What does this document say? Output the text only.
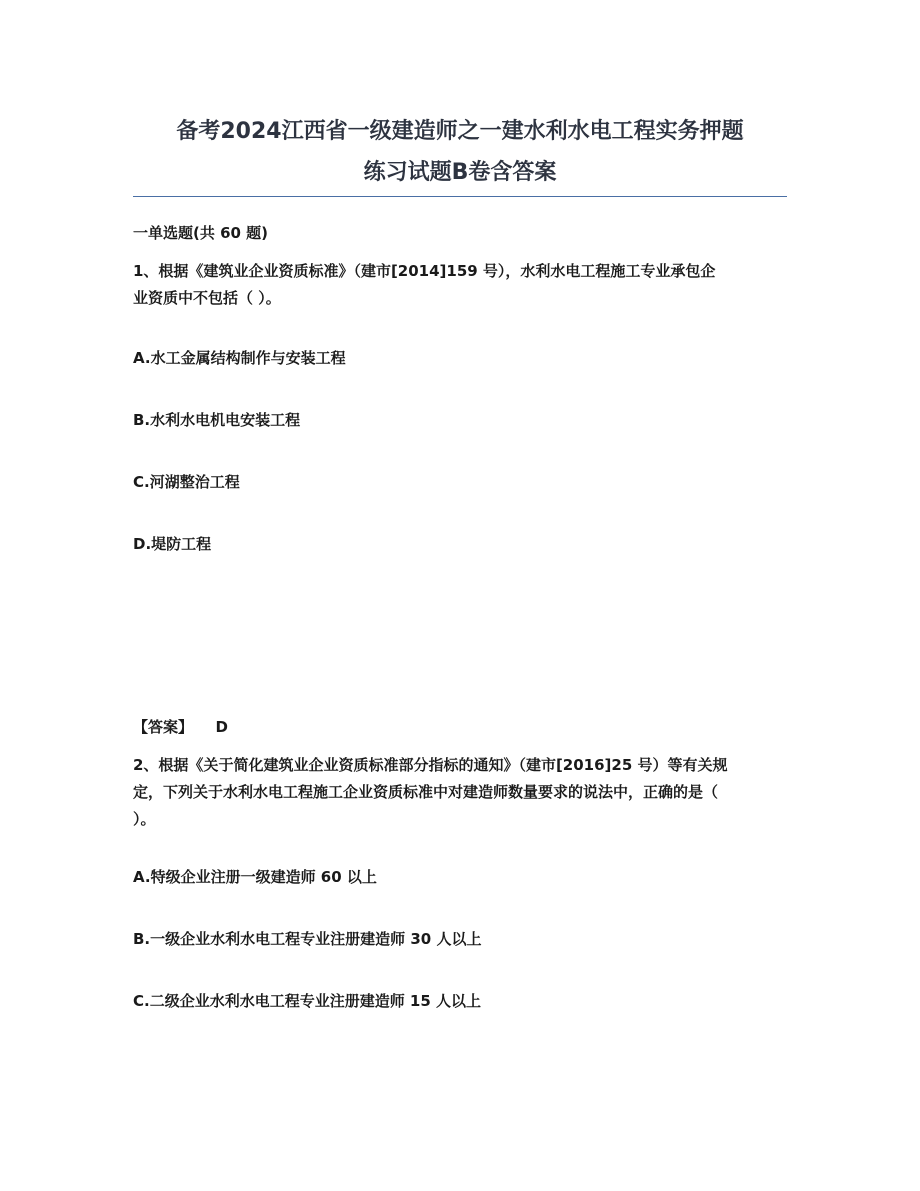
备考2024江西省一级建造师之一建水利水电工程实务押题
练习试题B卷含答案
一单选题(共 60 题)
1、根据《建筑业企业资质标准》（建市[2014]159 号），水利水电工程施工专业承包企
业资质中不包括（ ）。
A.水工金属结构制作与安装工程
B.水利水电机电安装工程
C.河湖整治工程
D.堤防工程
【答案】 D
2、根据《关于简化建筑业企业资质标准部分指标的通知》（建市[2016]25 号）等有关规
定，下列关于水利水电工程施工企业资质标准中对建造师数量要求的说法中，正确的是（
）。
A.特级企业注册一级建造师 60 以上
B.一级企业水利水电工程专业注册建造师 30 人以上
C.二级企业水利水电工程专业注册建造师 15 人以上
